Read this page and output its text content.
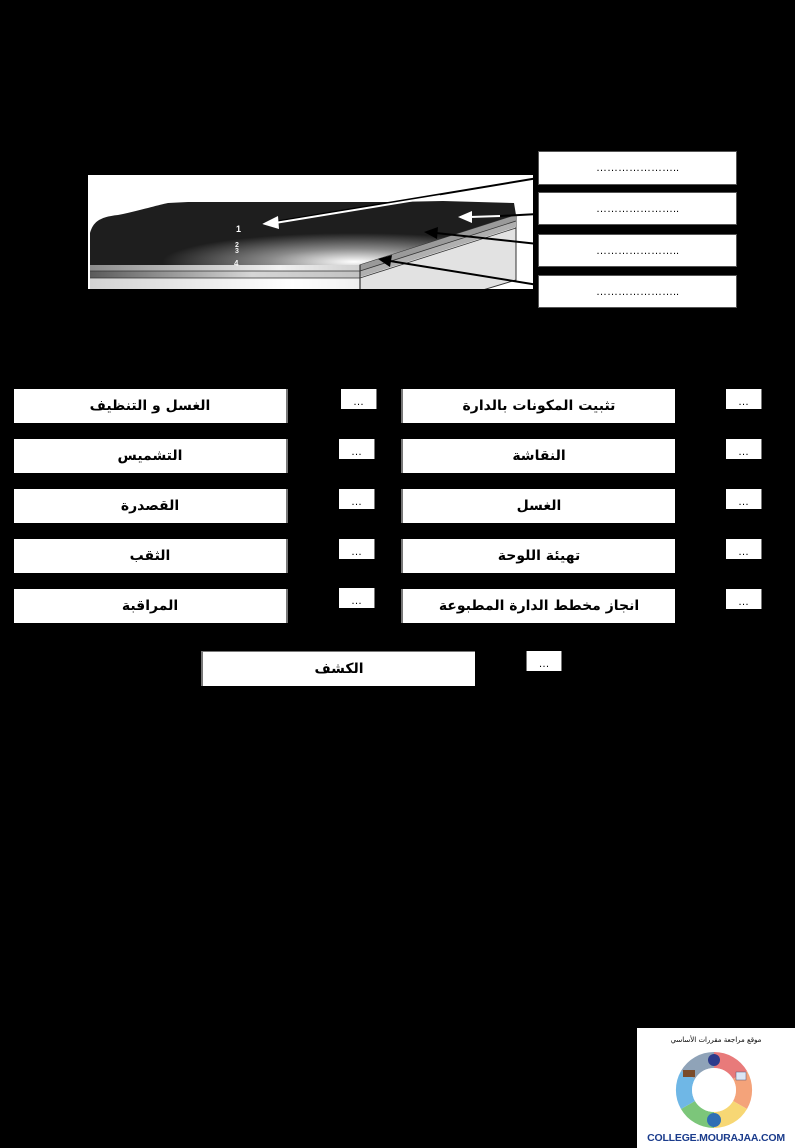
1
2
3
4
…………………..
…………………..
…………………..
…………………..
الغسل و التنظيف	…
التشميس	…
القصدرة	…
الثقب	…
المراقبة	…
تثبيت المكونات بالدارة	…
النقاشة	…
الغسل	…
تهيئة اللوحة	…
انجاز مخطط الدارة المطبوعة	…
الكشف	…
موقع مراجعة مقررات الأساسي
COLLEGE.MOURAJAA.COM
